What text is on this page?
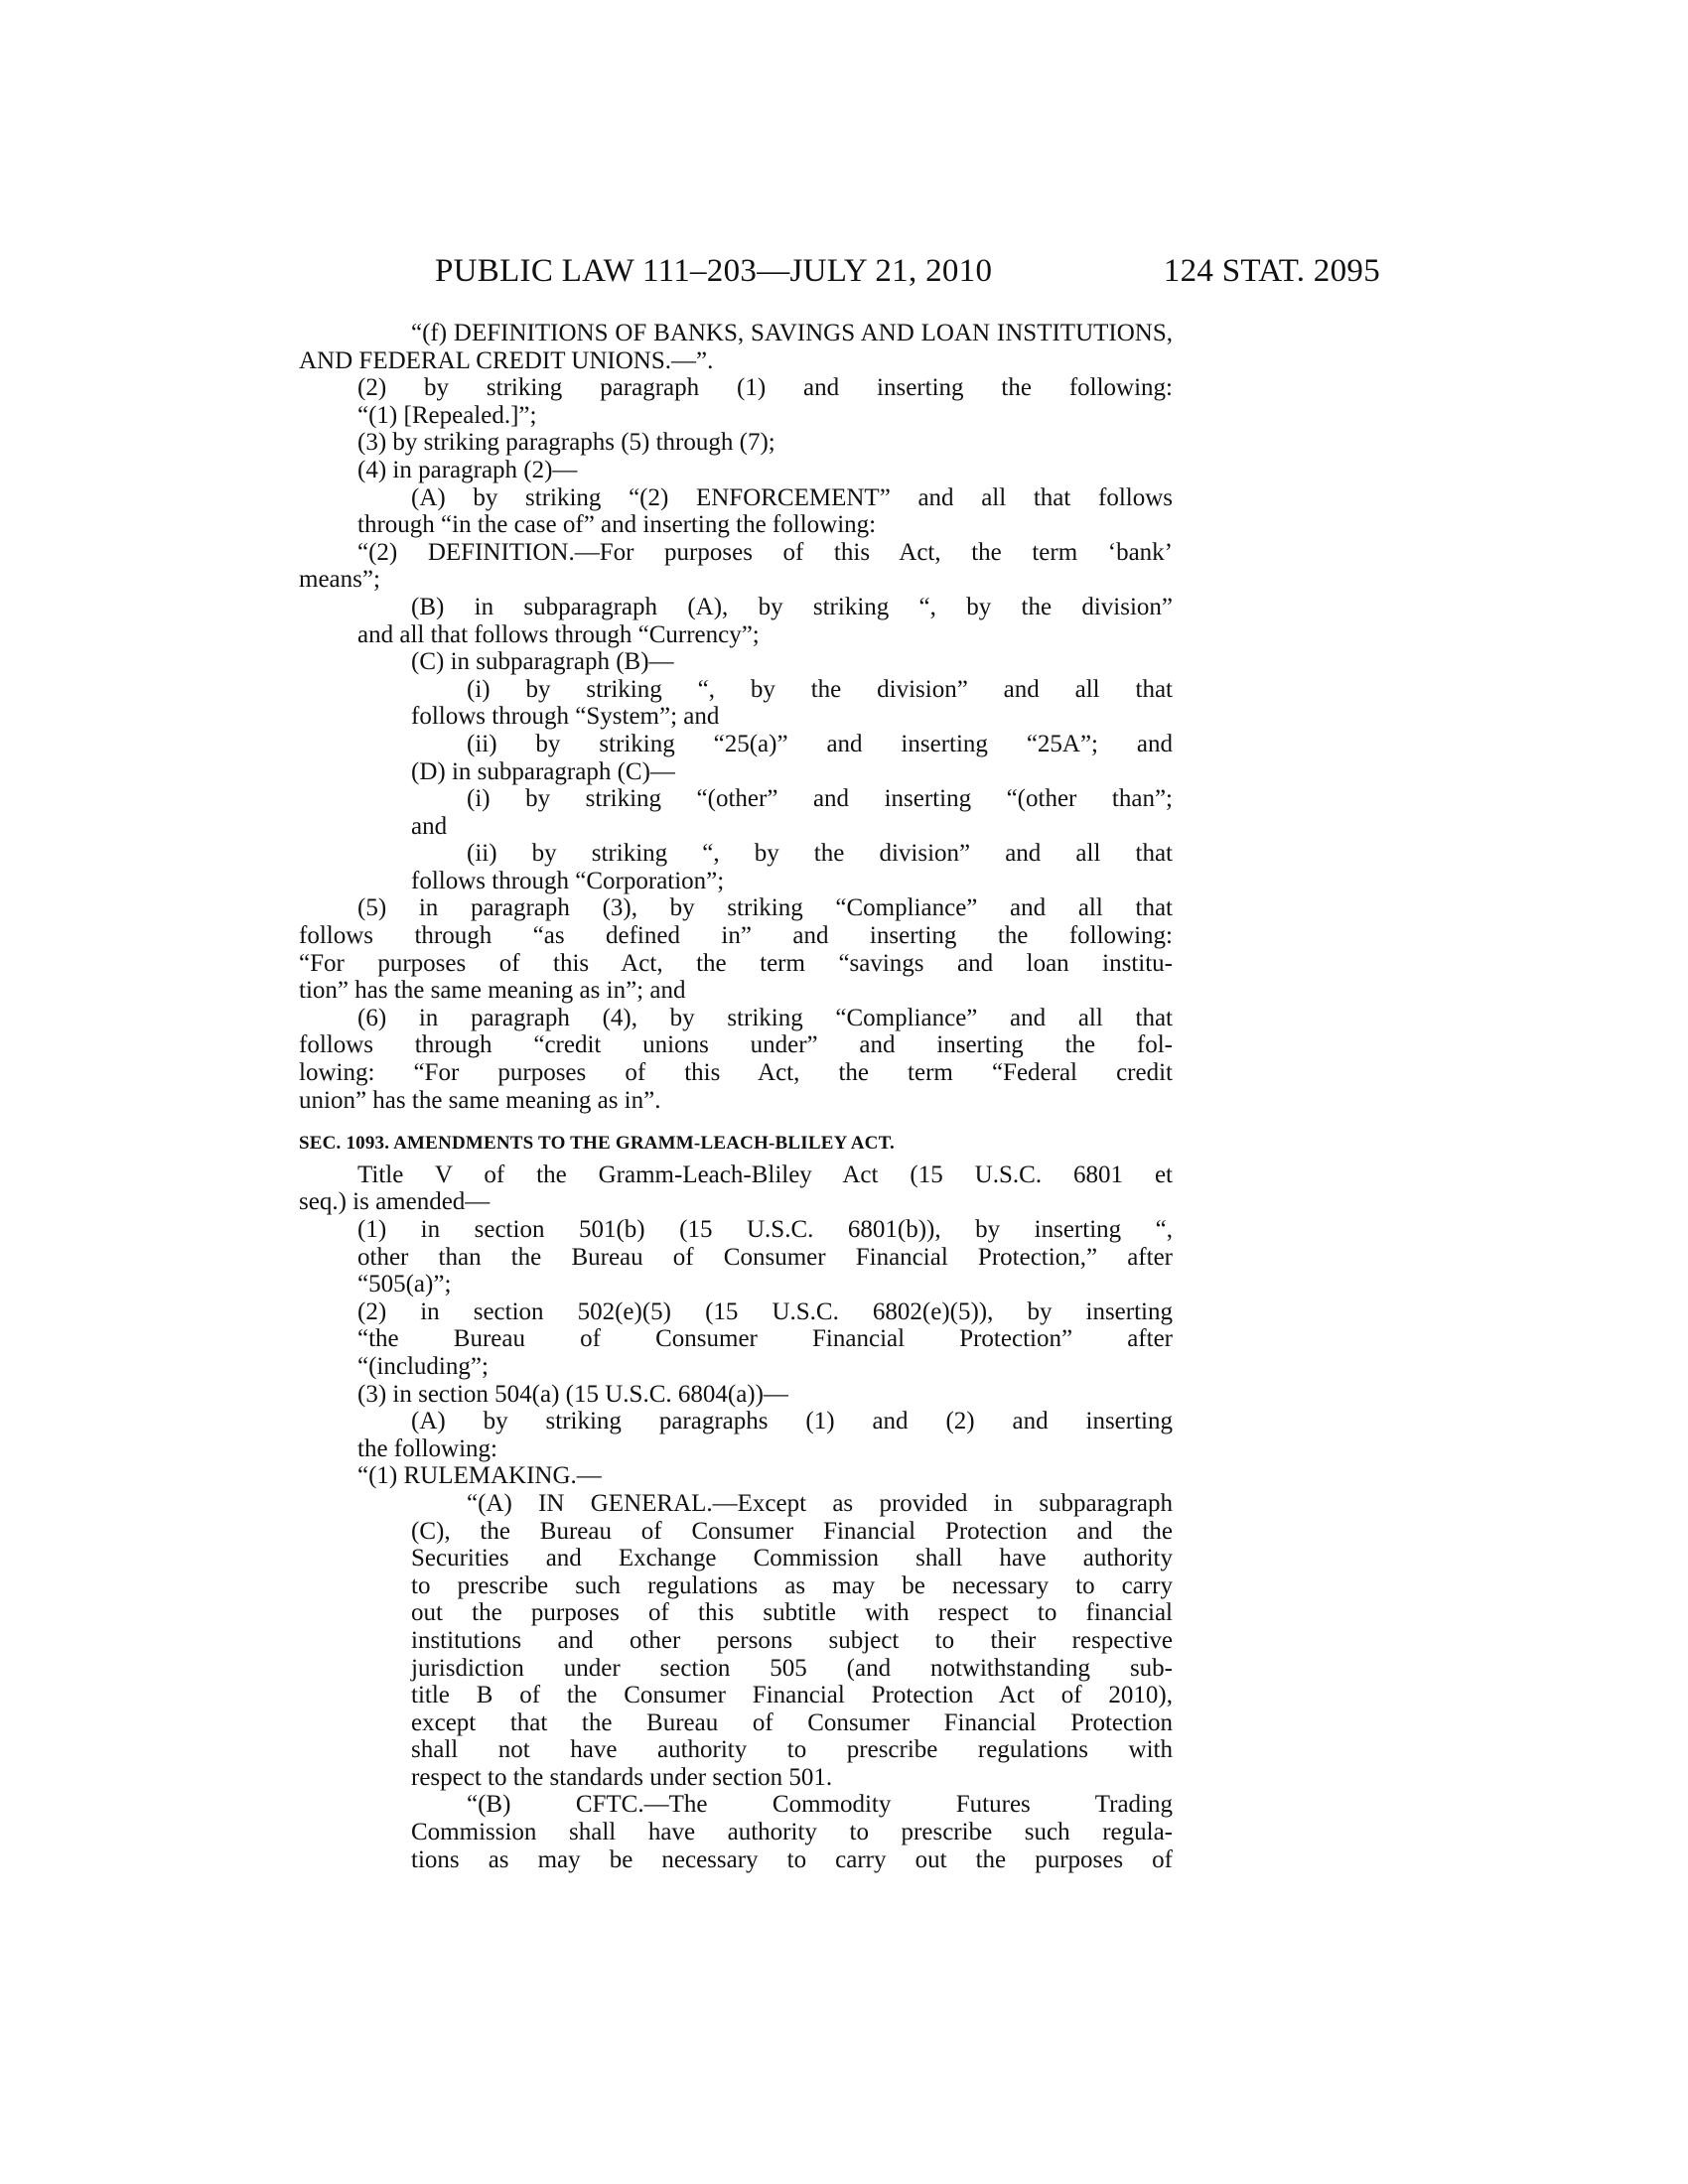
PUBLIC LAW 111–203—JULY 21, 2010	124 STAT. 2095
“(f) DEFINITIONS OF BANKS, SAVINGS AND LOAN INSTITUTIONS,
AND FEDERAL CREDIT UNIONS.—”.
(2) by striking paragraph (1) and inserting the following:
“(1) [Repealed.]”;
(3) by striking paragraphs (5) through (7);
(4) in paragraph (2)—
(A) by striking “(2) ENFORCEMENT” and all that follows
through “in the case of” and inserting the following:
“(2) DEFINITION.—For purposes of this Act, the term ‘bank’
means”;
(B) in subparagraph (A), by striking “, by the division”
and all that follows through “Currency”;
(C) in subparagraph (B)—
(i) by striking “, by the division” and all that
follows through “System”; and
(ii) by striking “25(a)” and inserting “25A”; and
(D) in subparagraph (C)—
(i) by striking “(other” and inserting “(other than”;
and
(ii) by striking “, by the division” and all that
follows through “Corporation”;
(5) in paragraph (3), by striking “Compliance” and all that
follows through “as defined in” and inserting the following:
“For purposes of this Act, the term “savings and loan institu-
tion” has the same meaning as in”; and
(6) in paragraph (4), by striking “Compliance” and all that
follows through “credit unions under” and inserting the fol-
lowing: “For purposes of this Act, the term “Federal credit
union” has the same meaning as in”.
SEC. 1093. AMENDMENTS TO THE GRAMM-LEACH-BLILEY ACT.
Title V of the Gramm-Leach-Bliley Act (15 U.S.C. 6801 et
seq.) is amended—
(1) in section 501(b) (15 U.S.C. 6801(b)), by inserting “,
other than the Bureau of Consumer Financial Protection,” after
“505(a)”;
(2) in section 502(e)(5) (15 U.S.C. 6802(e)(5)), by inserting
“the Bureau of Consumer Financial Protection” after
“(including”;
(3) in section 504(a) (15 U.S.C. 6804(a))—
(A) by striking paragraphs (1) and (2) and inserting
the following:
“(1) RULEMAKING.—
“(A) IN GENERAL.—Except as provided in subparagraph
(C), the Bureau of Consumer Financial Protection and the
Securities and Exchange Commission shall have authority
to prescribe such regulations as may be necessary to carry
out the purposes of this subtitle with respect to financial
institutions and other persons subject to their respective
jurisdiction under section 505 (and notwithstanding sub-
title B of the Consumer Financial Protection Act of 2010),
except that the Bureau of Consumer Financial Protection
shall not have authority to prescribe regulations with
respect to the standards under section 501.
“(B) CFTC.—The Commodity Futures Trading
Commission shall have authority to prescribe such regula-
tions as may be necessary to carry out the purposes of
